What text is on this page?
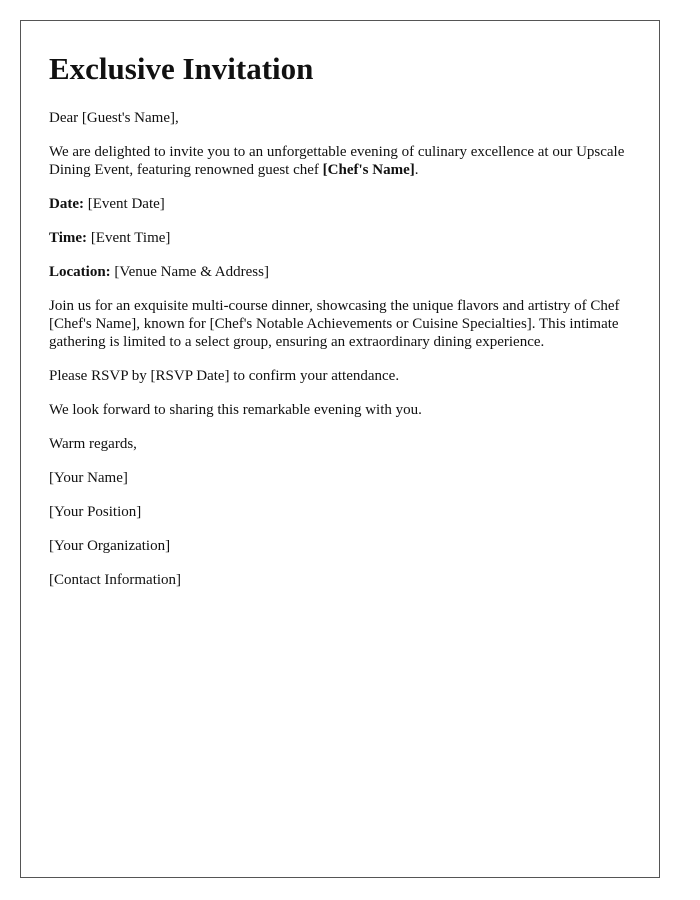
Exclusive Invitation

Dear [Guest's Name],

We are delighted to invite you to an unforgettable evening of culinary excellence at our Upscale Dining Event, featuring renowned guest chef [Chef's Name].

Date: [Event Date]

Time: [Event Time]

Location: [Venue Name & Address]

Join us for an exquisite multi-course dinner, showcasing the unique flavors and artistry of Chef [Chef's Name], known for [Chef's Notable Achievements or Cuisine Specialties]. This intimate gathering is limited to a select group, ensuring an extraordinary dining experience.

Please RSVP by [RSVP Date] to confirm your attendance.

We look forward to sharing this remarkable evening with you.

Warm regards,

[Your Name]

[Your Position]

[Your Organization]

[Contact Information]
